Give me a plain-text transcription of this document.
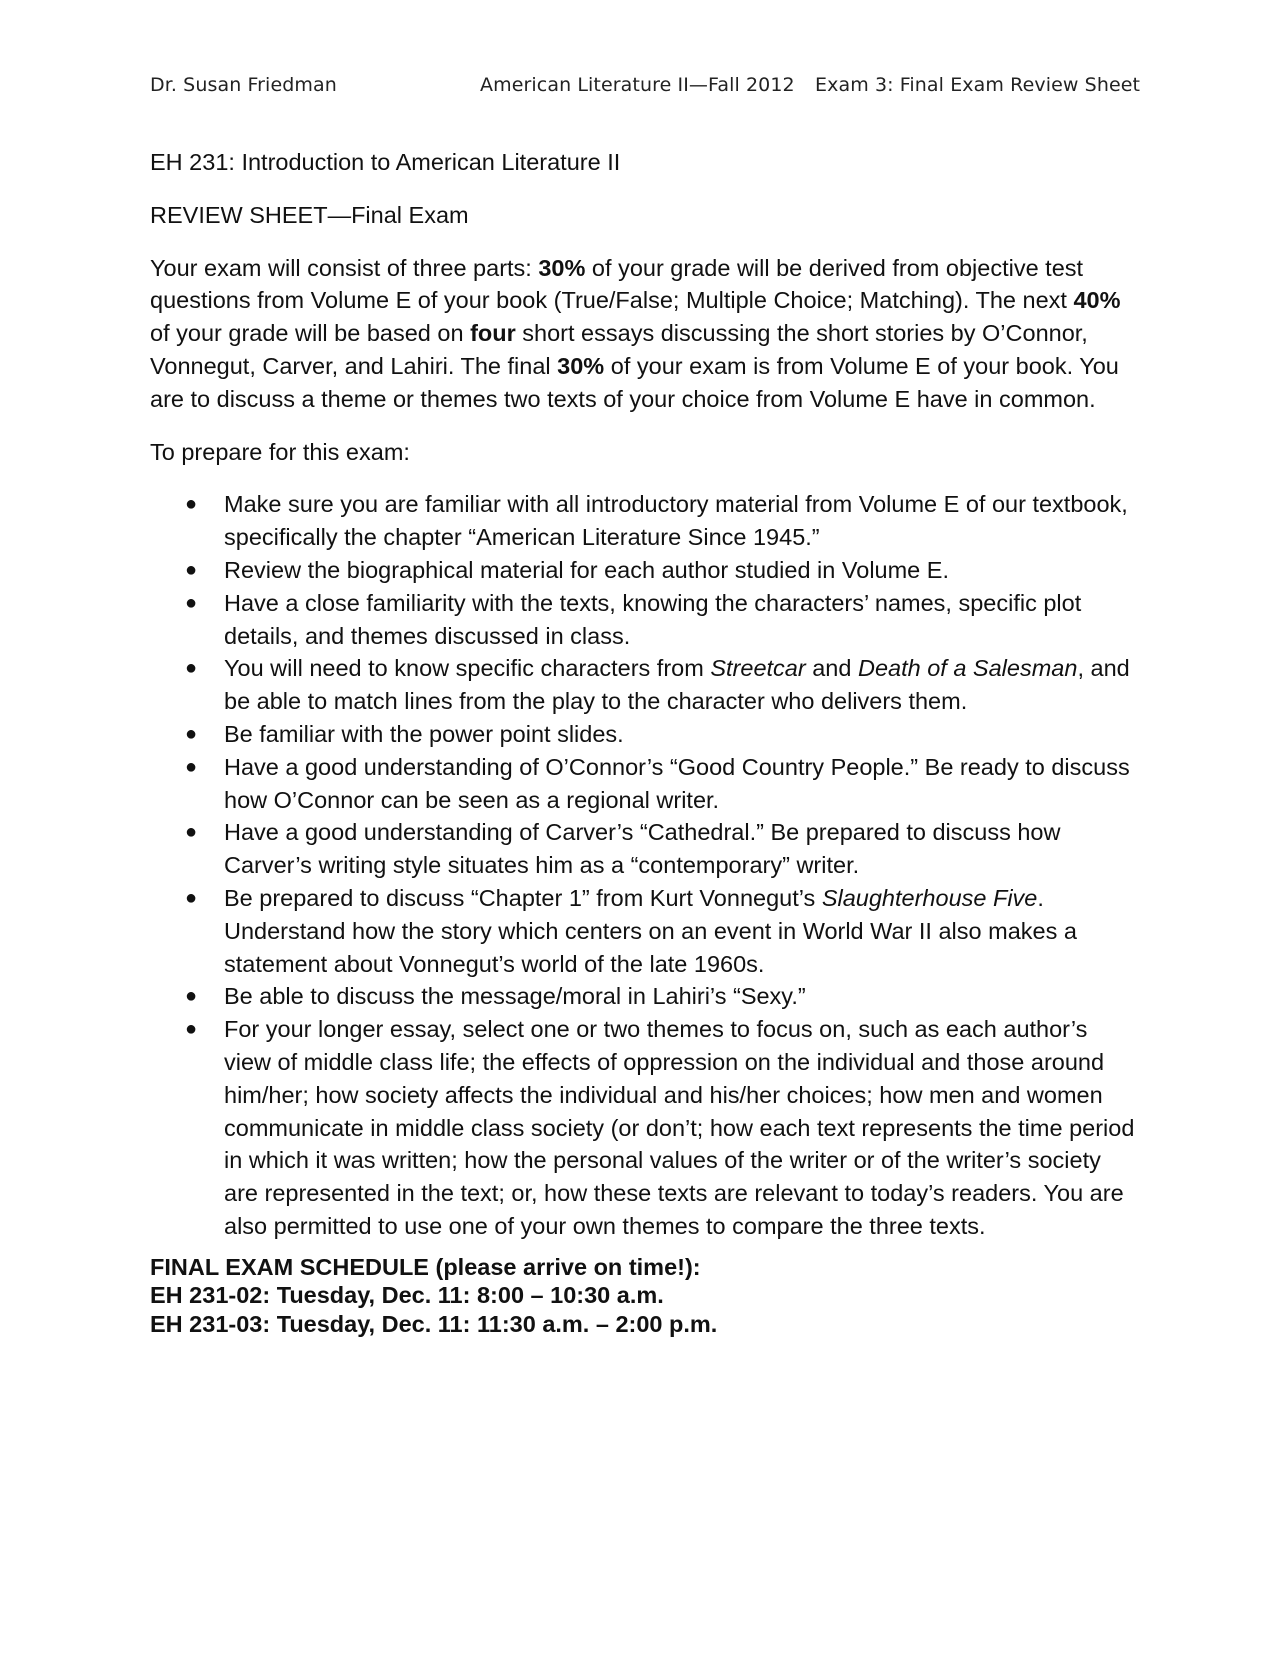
Dr. Susan Friedman	American Literature II—Fall 2012 Exam 3: Final Exam Review Sheet

EH 231: Introduction to American Literature II

REVIEW SHEET—Final Exam

Your exam will consist of three parts: 30% of your grade will be derived from objective test questions from Volume E of your book (True/False; Multiple Choice; Matching). The next 40% of your grade will be based on four short essays discussing the short stories by O’Connor, Vonnegut, Carver, and Lahiri. The final 30% of your exam is from Volume E of your book. You are to discuss a theme or themes two texts of your choice from Volume E have in common.

To prepare for this exam:

● Make sure you are familiar with all introductory material from Volume E of our textbook, specifically the chapter “American Literature Since 1945.”
● Review the biographical material for each author studied in Volume E.
● Have a close familiarity with the texts, knowing the characters’ names, specific plot details, and themes discussed in class.
● You will need to know specific characters from Streetcar and Death of a Salesman, and be able to match lines from the play to the character who delivers them.
● Be familiar with the power point slides.
● Have a good understanding of O’Connor’s “Good Country People.” Be ready to discuss how O’Connor can be seen as a regional writer.
● Have a good understanding of Carver’s “Cathedral.” Be prepared to discuss how Carver’s writing style situates him as a “contemporary” writer.
● Be prepared to discuss “Chapter 1” from Kurt Vonnegut’s Slaughterhouse Five. Understand how the story which centers on an event in World War II also makes a statement about Vonnegut’s world of the late 1960s.
● Be able to discuss the message/moral in Lahiri’s “Sexy.”
● For your longer essay, select one or two themes to focus on, such as each author’s view of middle class life; the effects of oppression on the individual and those around him/her; how society affects the individual and his/her choices; how men and women communicate in middle class society (or don’t; how each text represents the time period in which it was written; how the personal values of the writer or of the writer’s society are represented in the text; or, how these texts are relevant to today’s readers. You are also permitted to use one of your own themes to compare the three texts.
FINAL EXAM SCHEDULE (please arrive on time!):
EH 231-02: Tuesday, Dec. 11: 8:00 – 10:30 a.m.
EH 231-03: Tuesday, Dec. 11: 11:30 a.m. – 2:00 p.m.
